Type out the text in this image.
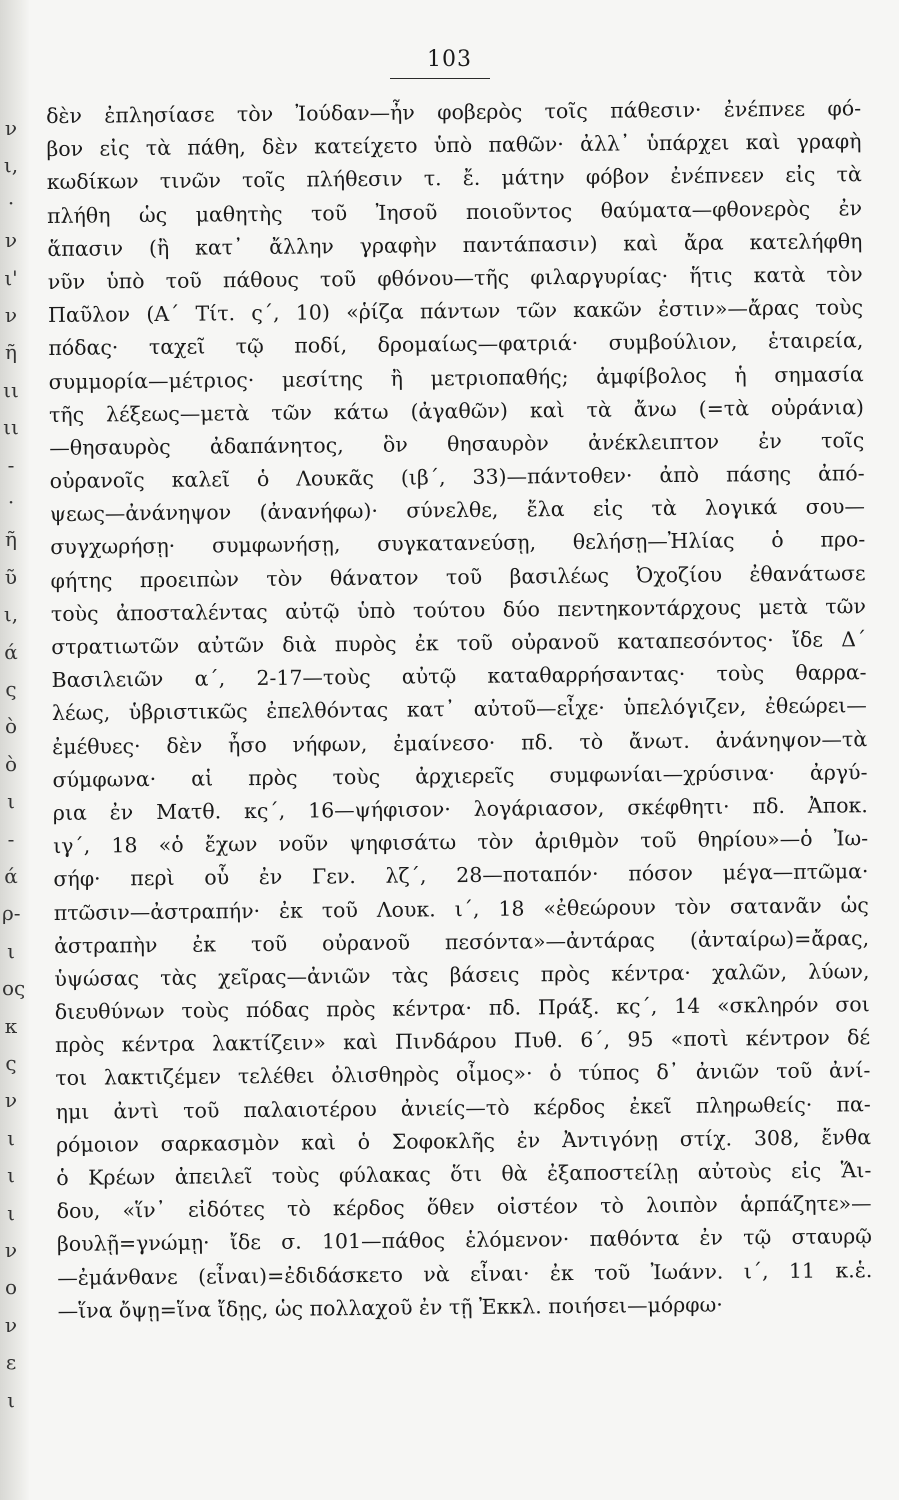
ν
ι,
·
ν
ι'
ν
ῆ
ιι
ιι
-
·
ῆ
ῦ
ι,
ά
ς
ὸ
ὸ
ι
-
ά
ρ-
ι
ος
κ
ς
ν
ι
ι
ι
ν
ο
ν
ε
ι
103
δὲν ἐπλησίασε τὸν Ἰούδαν—ἦν φοβερὸς τοῖς πάθεσιν· ἐνέπνεε φό-
βον εἰς τὰ πάθη, δὲν κατείχετο ὑπὸ παθῶν· ἀλλ᾽ ὑπάρχει καὶ γραφὴ
κωδίκων τινῶν τοῖς πλήθεσιν τ. ἔ. μάτην φόβον ἐνέπνεεν εἰς τὰ
πλήθη ὡς μαθητὴς τοῦ Ἰησοῦ ποιοῦντος θαύματα—φθονερὸς ἐν
ἅπασιν (ἢ κατ᾽ ἄλλην γραφὴν παντάπασιν) καὶ ἄρα κατελήφθη
νῦν ὑπὸ τοῦ πάθους τοῦ φθόνου—τῆς φιλαργυρίας· ἥτις κατὰ τὸν
Παῦλον (Α΄ Τίτ. ς΄, 10) «ῥίζα πάντων τῶν κακῶν ἐστιν»—ἄρας τοὺς
πόδας· ταχεῖ τῷ ποδί, δρομαίως—φατριά· συμβούλιον, ἑταιρεία,
συμμορία—μέτριος· μεσίτης ἢ μετριοπαθής; ἀμφίβολος ἡ σημασία
τῆς λέξεως—μετὰ τῶν κάτω (ἀγαθῶν) καὶ τὰ ἄνω (=τὰ οὐράνια)
—θησαυρὸς ἀδαπάνητος, ὃν θησαυρὸν ἀνέκλειπτον ἐν τοῖς
οὐρανοῖς καλεῖ ὁ Λουκᾶς (ιβ΄, 33)—πάντοθεν· ἀπὸ πάσης ἀπό-
ψεως—ἀνάνηψον (ἀνανήφω)· σύνελθε, ἔλα εἰς τὰ λογικά σου—
συγχωρήσῃ· συμφωνήσῃ, συγκατανεύσῃ, θελήσῃ—Ἠλίας ὁ προ-
φήτης προειπὼν τὸν θάνατον τοῦ βασιλέως Ὀχοζίου ἐθανάτωσε
τοὺς ἀποσταλέντας αὐτῷ ὑπὸ τούτου δύο πεντηκοντάρχους μετὰ τῶν
στρατιωτῶν αὐτῶν διὰ πυρὸς ἐκ τοῦ οὐρανοῦ καταπεσόντος· ἴδε Δ΄
Βασιλειῶν α΄, 2-17—τοὺς αὐτῷ καταθαρρήσαντας· τοὺς θαρρα-
λέως, ὑβριστικῶς ἐπελθόντας κατ᾽ αὐτοῦ—εἶχε· ὑπελόγιζεν, ἐθεώρει—
ἐμέθυες· δὲν ἦσο νήφων, ἐμαίνεσο· πδ. τὸ ἄνωτ. ἀνάνηψον—τὰ
σύμφωνα· αἱ πρὸς τοὺς ἀρχιερεῖς συμφωνίαι—χρύσινα· ἀργύ-
ρια ἐν Ματθ. κς΄, 16—ψήφισον· λογάριασον, σκέφθητι· πδ. Ἀποκ.
ιγ΄, 18 «ὁ ἔχων νοῦν ψηφισάτω τὸν ἀριθμὸν τοῦ θηρίου»—ὁ Ἰω-
σήφ· περὶ οὗ ἐν Γεν. λζ΄, 28—ποταπόν· πόσον μέγα—πτῶμα·
πτῶσιν—ἀστραπήν· ἐκ τοῦ Λουκ. ι΄, 18 «ἐθεώρουν τὸν σατανᾶν ὡς
ἀστραπὴν ἐκ τοῦ οὐρανοῦ πεσόντα»—ἀντάρας (ἀνταίρω)=ἄρας,
ὑψώσας τὰς χεῖρας—ἀνιῶν τὰς βάσεις πρὸς κέντρα· χαλῶν, λύων,
διευθύνων τοὺς πόδας πρὸς κέντρα· πδ. Πράξ. κς΄, 14 «σκληρόν σοι
πρὸς κέντρα λακτίζειν» καὶ Πινδάρου Πυθ. 6΄, 95 «ποτὶ κέντρον δέ
τοι λακτιζέμεν τελέθει ὀλισθηρὸς οἶμος»· ὁ τύπος δ᾽ ἀνιῶν τοῦ ἀνί-
ημι ἀντὶ τοῦ παλαιοτέρου ἀνιείς—τὸ κέρδος ἐκεῖ πληρωθείς· πα-
ρόμοιον σαρκασμὸν καὶ ὁ Σοφοκλῆς ἐν Ἀντιγόνῃ στίχ. 308, ἔνθα
ὁ Κρέων ἀπειλεῖ τοὺς φύλακας ὅτι θὰ ἐξαποστείλῃ αὐτοὺς εἰς Ἅι-
δου, «ἵν᾽ εἰδότες τὸ κέρδος ὅθεν οἰστέον τὸ λοιπὸν ἁρπάζητε»—
βουλῇ=γνώμῃ· ἴδε σ. 101—πάθος ἑλόμενον· παθόντα ἐν τῷ σταυρῷ
—ἐμάνθανε (εἶναι)=ἐδιδάσκετο νὰ εἶναι· ἐκ τοῦ Ἰωάνν. ι΄, 11 κ.ἑ.
—ἵνα ὄψῃ=ἵνα ἴδῃς, ὡς πολλαχοῦ ἐν τῇ Ἐκκλ. ποιήσει—μόρφω·
